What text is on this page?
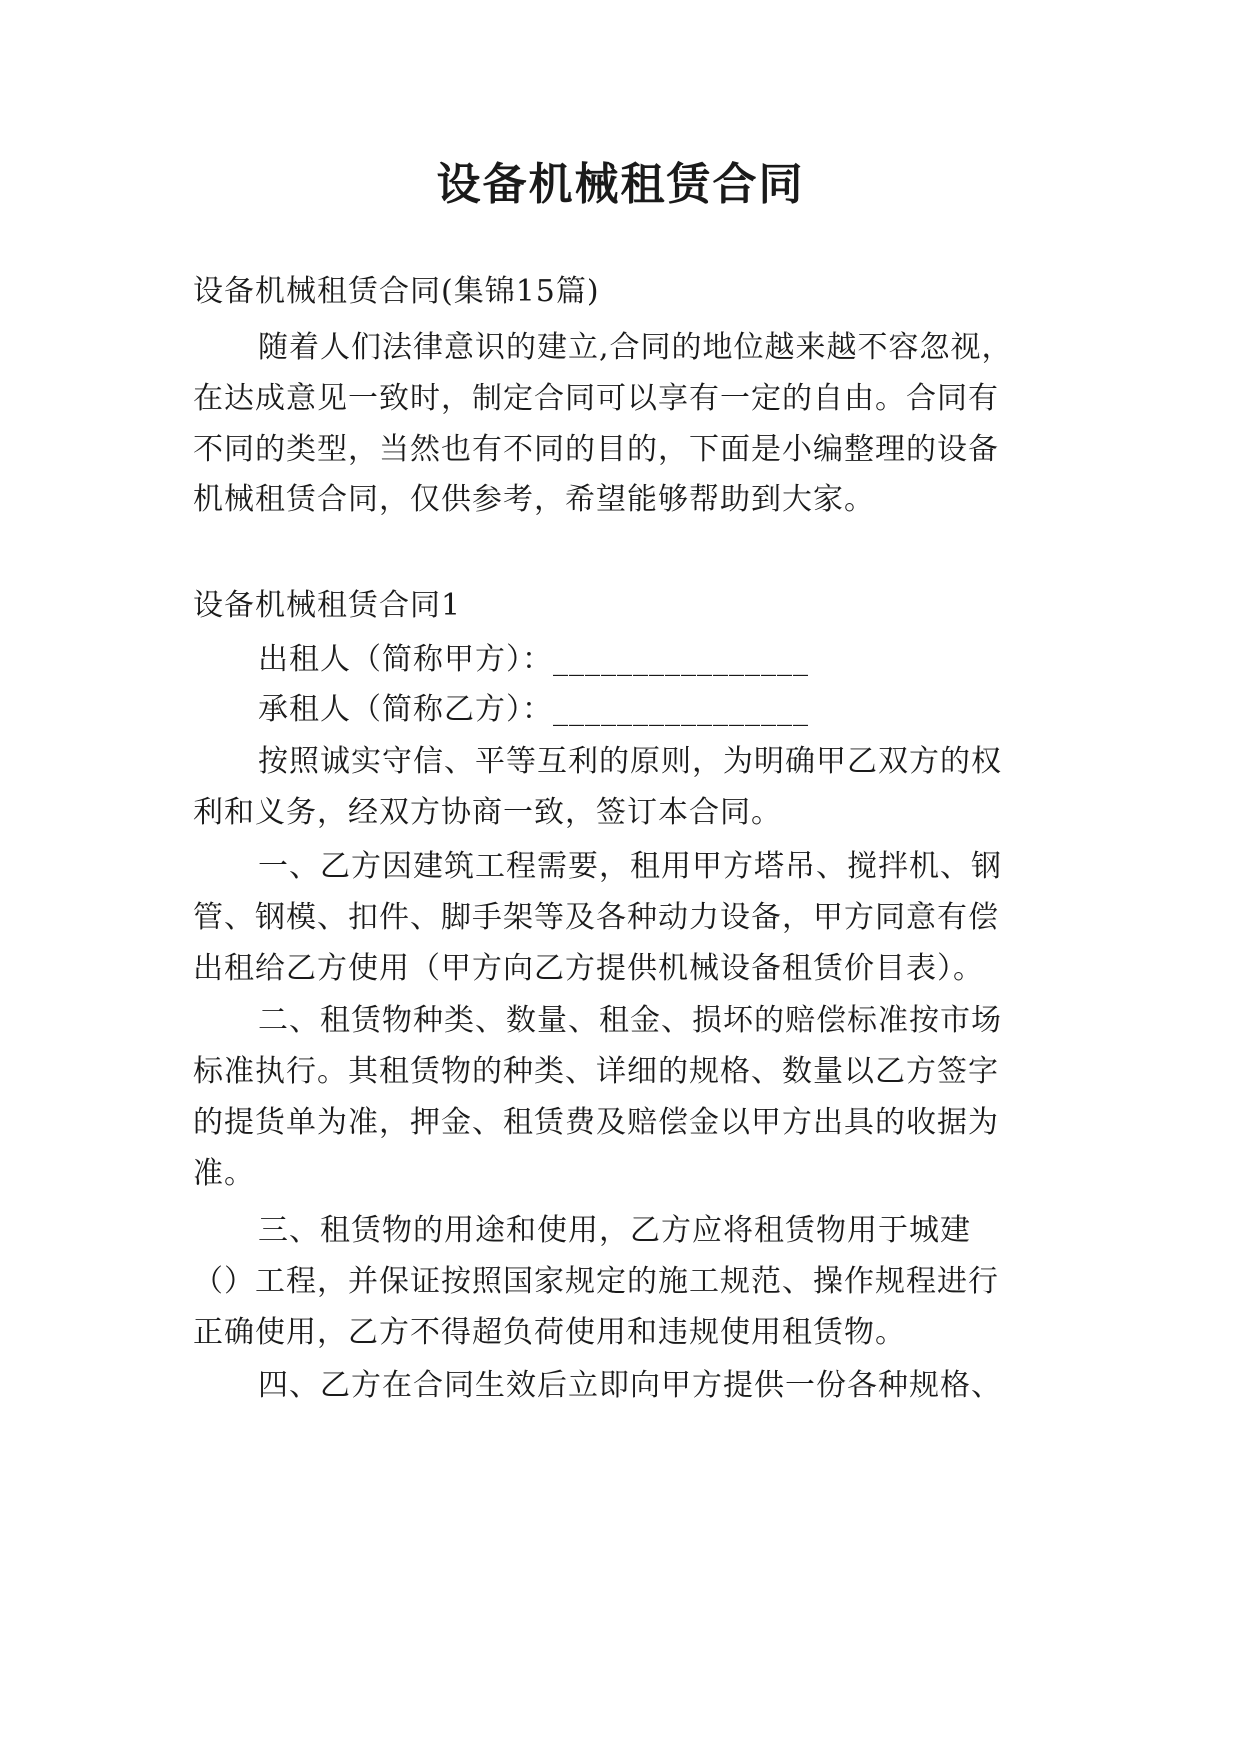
设备机械租赁合同
设备机械租赁合同(集锦15篇)
随着人们法律意识的建立,合同的地位越来越不容忽视，
在达成意见一致时，制定合同可以享有一定的自由。合同有
不同的类型，当然也有不同的目的，下面是小编整理的设备
机械租赁合同，仅供参考，希望能够帮助到大家。
设备机械租赁合同1
出租人（简称甲方）：________________
承租人（简称乙方）：________________
按照诚实守信、平等互利的原则，为明确甲乙双方的权
利和义务，经双方协商一致，签订本合同。
一、乙方因建筑工程需要，租用甲方塔吊、搅拌机、钢
管、钢模、扣件、脚手架等及各种动力设备，甲方同意有偿
出租给乙方使用（甲方向乙方提供机械设备租赁价目表）。
二、租赁物种类、数量、租金、损坏的赔偿标准按市场
标准执行。其租赁物的种类、详细的规格、数量以乙方签字
的提货单为准，押金、租赁费及赔偿金以甲方出具的收据为
准。
三、租赁物的用途和使用，乙方应将租赁物用于城建
（）工程，并保证按照国家规定的施工规范、操作规程进行
正确使用，乙方不得超负荷使用和违规使用租赁物。
四、乙方在合同生效后立即向甲方提供一份各种规格、
